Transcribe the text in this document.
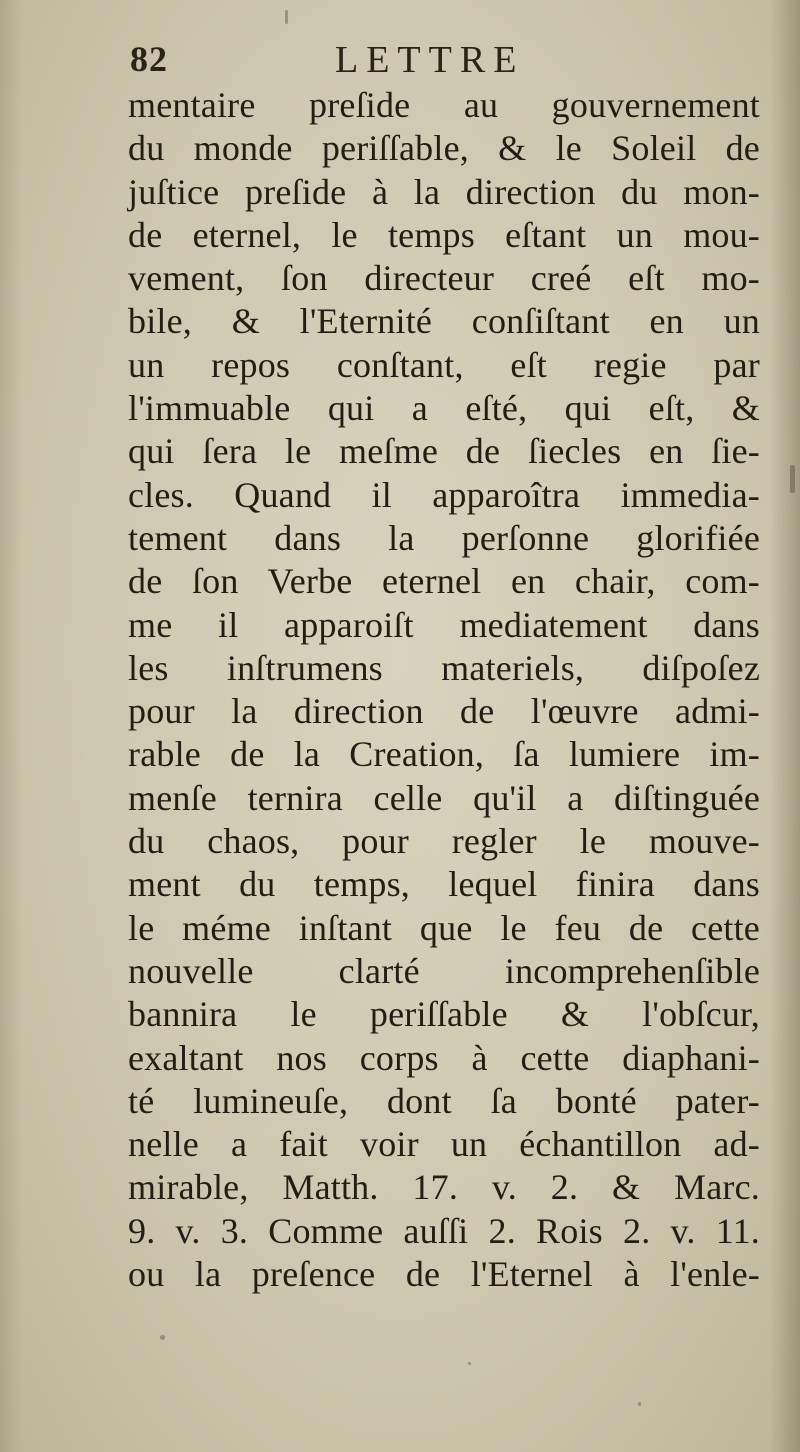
82	LETTRE
mentaire preſide au gouvernement
du monde periſſable, & le Soleil de
juſtice preſide à la direction du mon-
de eternel, le temps eſtant un mou-
vement, ſon directeur creé eſt mo-
bile, & l'Eternité conſiſtant en un
un repos conſtant, eſt regie par
l'immuable qui a eſté, qui eſt, &
qui ſera le meſme de ſiecles en ſie-
cles. Quand il apparoîtra immedia-
tement dans la perſonne glorifiée
de ſon Verbe eternel en chair, com-
me il apparoiſt mediatement dans
les inſtrumens materiels, diſpoſez
pour la direction de l'œuvre admi-
rable de la Creation, ſa lumiere im-
menſe ternira celle qu'il a diſtinguée
du chaos, pour regler le mouve-
ment du temps, lequel finira dans
le méme inſtant que le feu de cette
nouvelle clarté incomprehenſible
bannira le periſſable & l'obſcur,
exaltant nos corps à cette diaphani-
té lumineuſe, dont ſa bonté pater-
nelle a fait voir un échantillon ad-
mirable, Matth. 17. v. 2. & Marc.
9. v. 3. Comme auſſi 2. Rois 2. v. 11.
ou la preſence de l'Eternel à l'enle-
